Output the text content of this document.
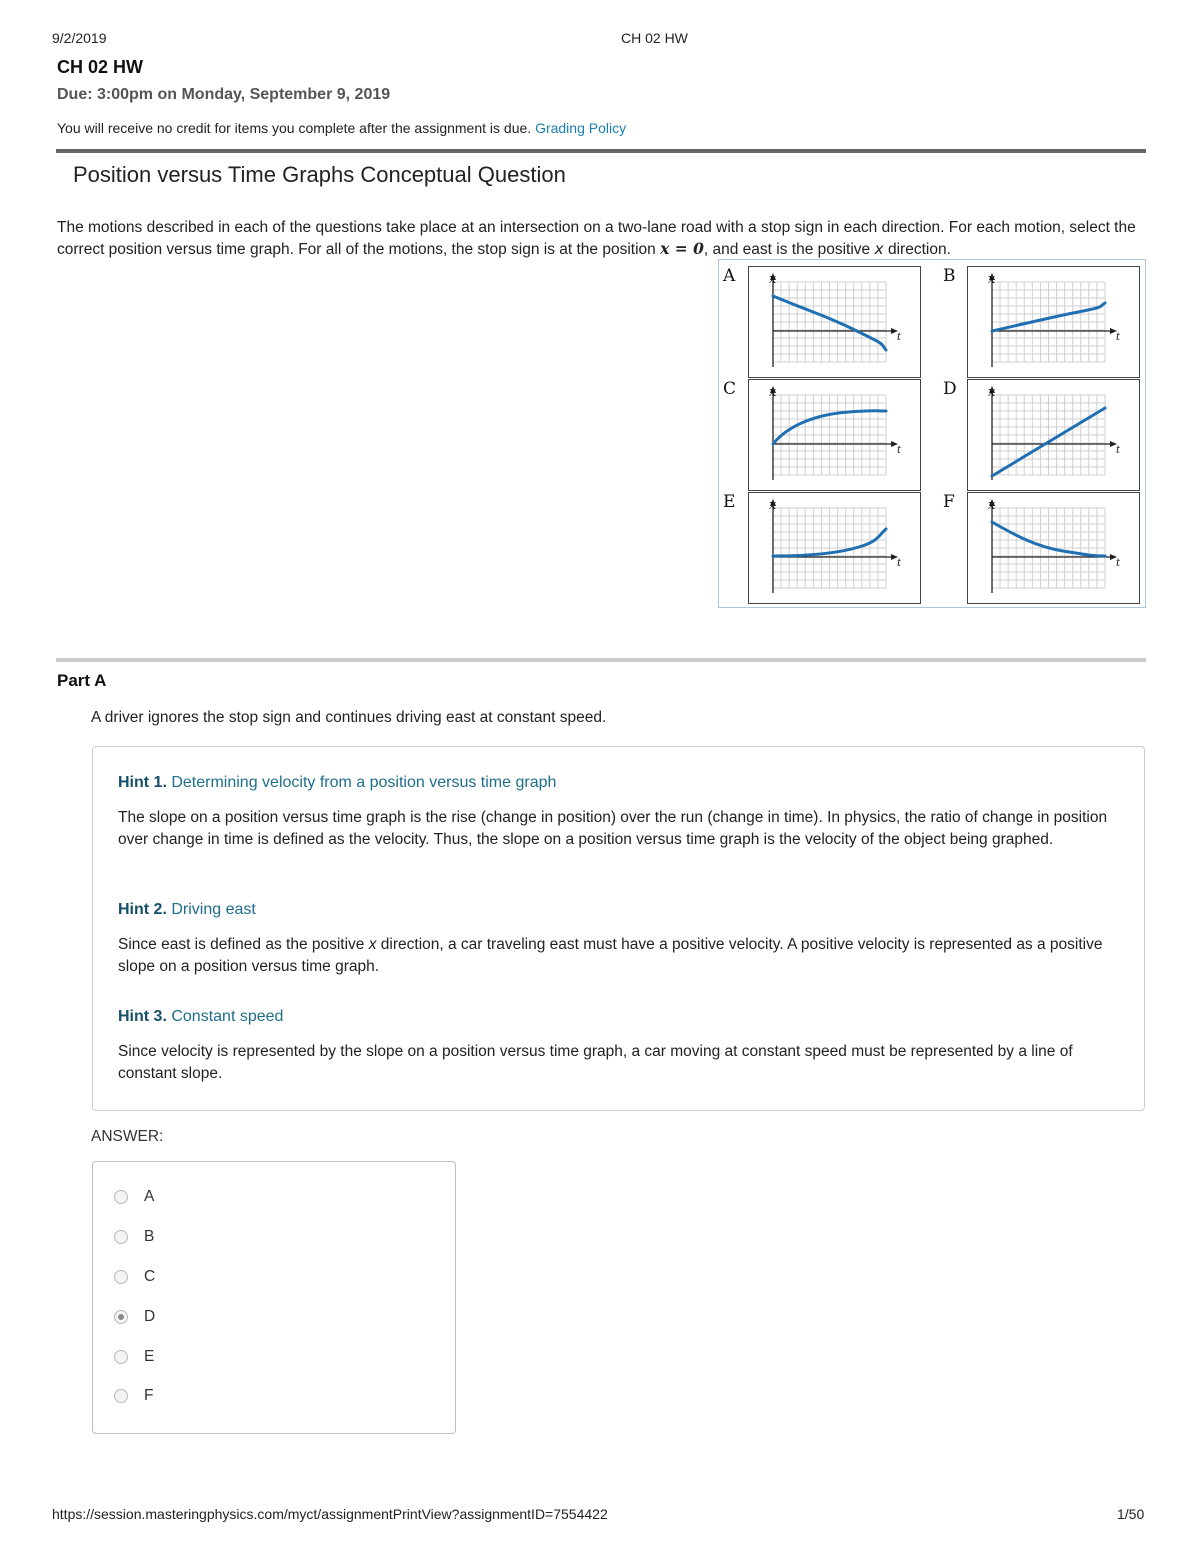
9/2/2019	CH 02 HW
CH 02 HW
Due: 3:00pm on Monday, September 9, 2019
You will receive no credit for items you complete after the assignment is due. Grading Policy
Position versus Time Graphs Conceptual Question
The motions described in each of the questions take place at an intersection on a two-lane road with a stop sign in each direction. For each motion, select the correct position versus time graph. For all of the motions, the stop sign is at the position x = 0, and east is the positive x direction.
A	x
t
B	x
t
C	x
t
D x
t
E	x
t
F	x
t
Part A
A driver ignores the stop sign and continues driving east at constant speed.
Hint 1. Determining velocity from a position versus time graph
The slope on a position versus time graph is the rise (change in position) over the run (change in time). In physics, the ratio of change in position over change in time is defined as the velocity. Thus, the slope on a position versus time graph is the velocity of the object being graphed.
Hint 2. Driving east
Since east is defined as the positive x direction, a car traveling east must have a positive velocity. A positive velocity is represented as a positive slope on a position versus time graph.
Hint 3. Constant speed
Since velocity is represented by the slope on a position versus time graph, a car moving at constant speed must be represented by a line of constant slope.
ANSWER:
A
B
C
D
E
F
https://session.masteringphysics.com/myct/assignmentPrintView?assignmentID=7554422	1/50
